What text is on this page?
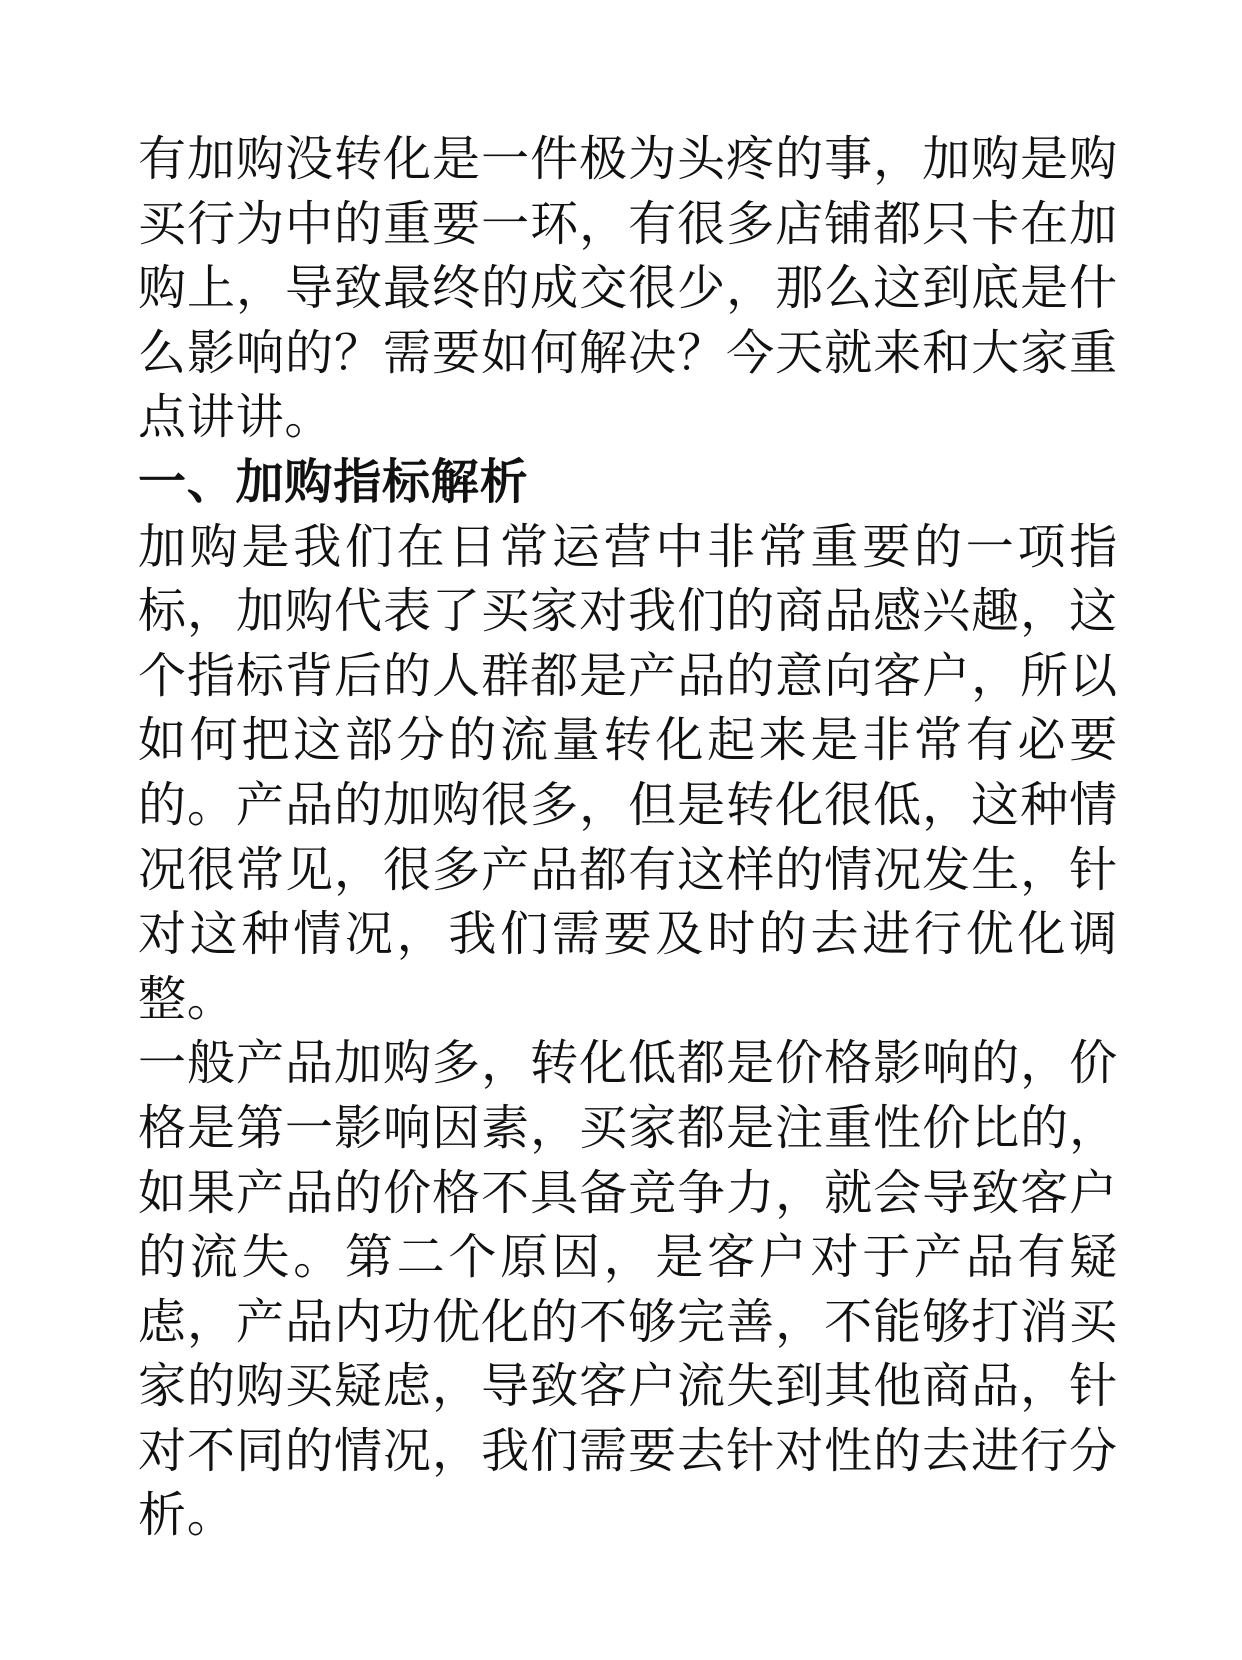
有加购没转化是一件极为头疼的事，加购是购买行为中的重要一环，有很多店铺都只卡在加购上，导致最终的成交很少，那么这到底是什么影响的？需要如何解决？今天就来和大家重点讲讲。

一、加购指标解析

加购是我们在日常运营中非常重要的一项指标，加购代表了买家对我们的商品感兴趣，这个指标背后的人群都是产品的意向客户，所以如何把这部分的流量转化起来是非常有必要的。产品的加购很多，但是转化很低，这种情况很常见，很多产品都有这样的情况发生，针对这种情况，我们需要及时的去进行优化调整。

一般产品加购多，转化低都是价格影响的，价格是第一影响因素，买家都是注重性价比的，如果产品的价格不具备竞争力，就会导致客户的流失。第二个原因，是客户对于产品有疑虑，产品内功优化的不够完善，不能够打消买家的购买疑虑，导致客户流失到其他商品，针对不同的情况，我们需要去针对性的去进行分析。
